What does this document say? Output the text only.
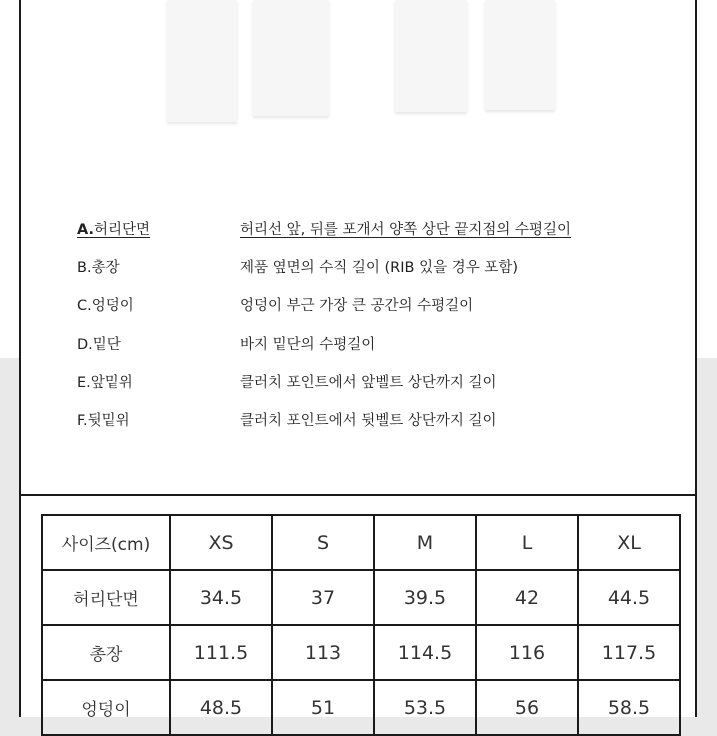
A.허리단면	허리선 앞, 뒤를 포개서 양쪽 상단 끝지점의 수평길이
B.총장	제품 옆면의 수직 길이 (RIB 있을 경우 포함)
C.엉덩이	엉덩이 부근 가장 큰 공간의 수평길이
D.밑단	바지 밑단의 수평길이
E.앞밑위	클러치 포인트에서 앞벨트 상단까지 길이
F.뒷밑위	클러치 포인트에서 뒷벨트 상단까지 길이
사이즈(cm)	XS	S	M	L	XL
허리단면	34.5	37	39.5	42	44.5
총장	111.5	113	114.5	116	117.5
엉덩이	48.5	51	53.5	56	58.5
